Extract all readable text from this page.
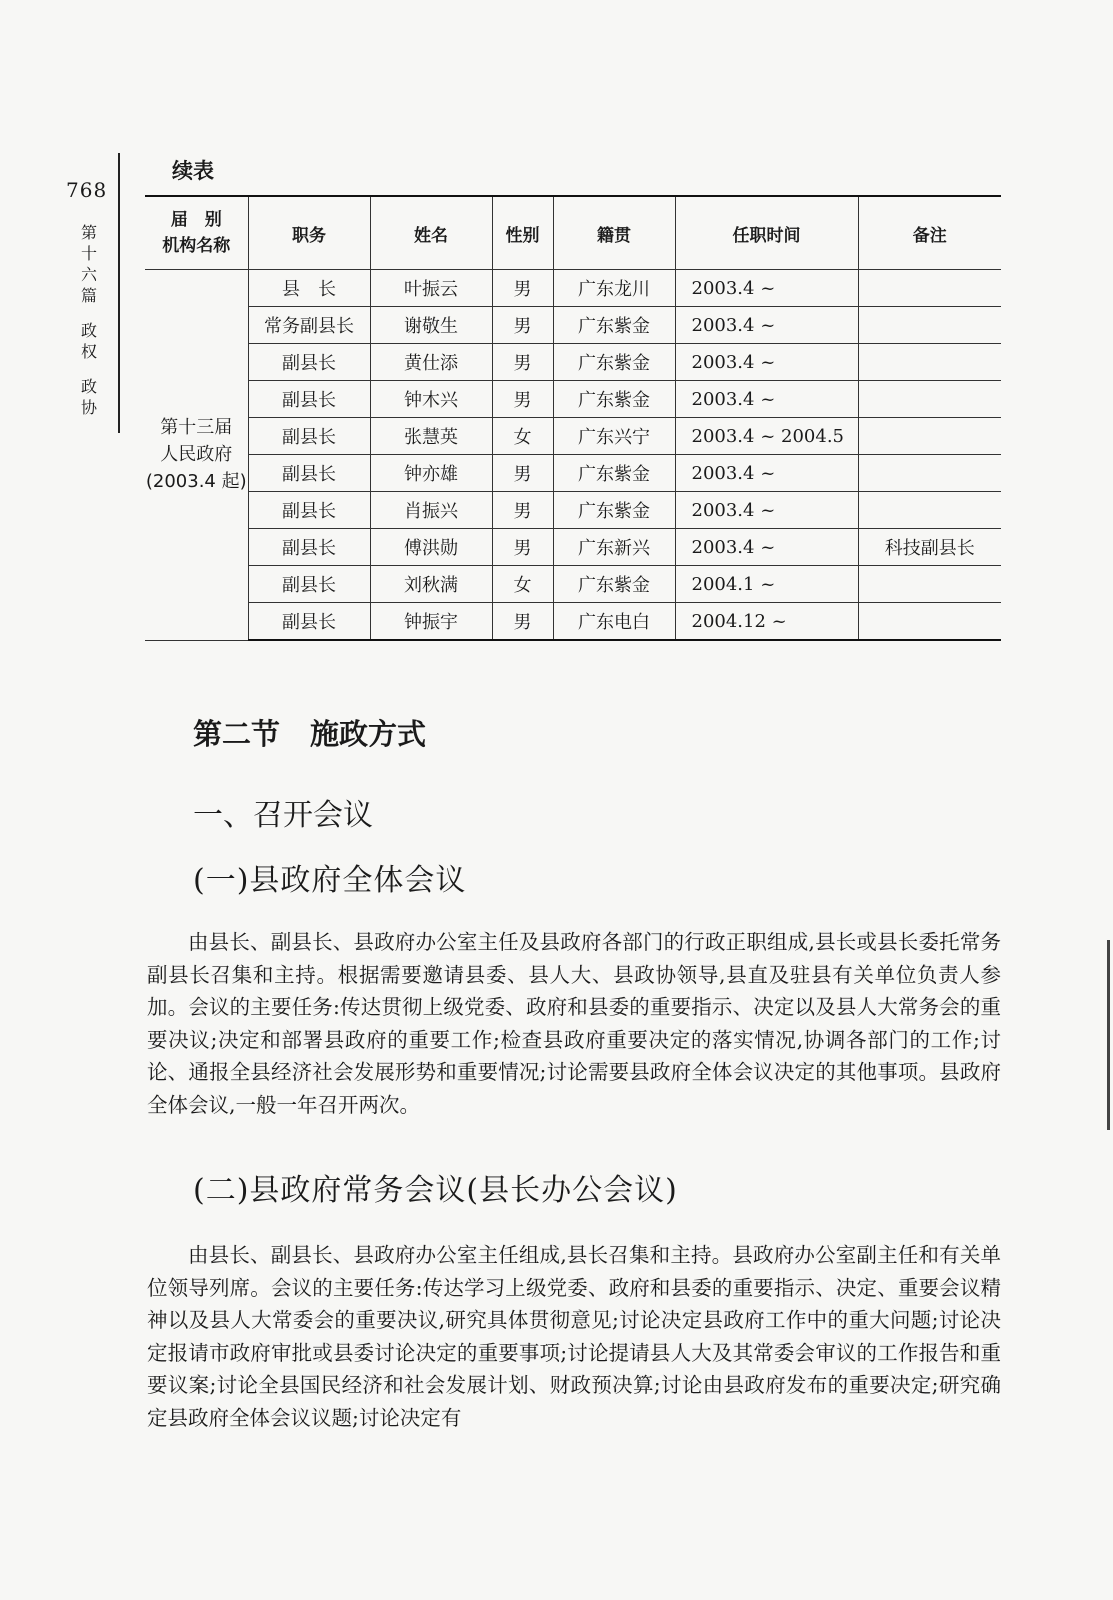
768
第十六篇
政权
政协
续表
届　别
机构名称	职务	姓名	性别	籍贯	任职时间	备注

第十三届
人民政府
(2003.4 起)	县　长	叶振云	男	广东龙川	2003.4 ~	
	常务副县长	谢敬生	男	广东紫金	2003.4 ~	
	副县长	黄仕添	男	广东紫金	2003.4 ~	
	副县长	钟木兴	男	广东紫金	2003.4 ~	
	副县长	张慧英	女	广东兴宁	2003.4 ~ 2004.5	
	副县长	钟亦雄	男	广东紫金	2003.4 ~	
	副县长	肖振兴	男	广东紫金	2003.4 ~	
	副县长	傅洪勋	男	广东新兴	2003.4 ~	科技副县长
	副县长	刘秋满	女	广东紫金	2004.1 ~	
	副县长	钟振宇	男	广东电白	2004.12 ~	
第二节 施政方式
一、召开会议
(一)县政府全体会议

由县长、副县长、县政府办公室主任及县政府各部门的行政正职组成,县长或县长委托常务副县长召集和主持。根据需要邀请县委、县人大、县政协领导,县直及驻县有关单位负责人参加。会议的主要任务:传达贯彻上级党委、政府和县委的重要指示、决定以及县人大常务会的重要决议;决定和部署县政府的重要工作;检查县政府重要决定的落实情况,协调各部门的工作;讨论、通报全县经济社会发展形势和重要情况;讨论需要县政府全体会议决定的其他事项。县政府全体会议,一般一年召开两次。

(二)县政府常务会议(县长办公会议)

由县长、副县长、县政府办公室主任组成,县长召集和主持。县政府办公室副主任和有关单位领导列席。会议的主要任务:传达学习上级党委、政府和县委的重要指示、决定、重要会议精神以及县人大常委会的重要决议,研究具体贯彻意见;讨论决定县政府工作中的重大问题;讨论决定报请市政府审批或县委讨论决定的重要事项;讨论提请县人大及其常委会审议的工作报告和重要议案;讨论全县国民经济和社会发展计划、财政预决算;讨论由县政府发布的重要决定;研究确定县政府全体会议议题;讨论决定有
